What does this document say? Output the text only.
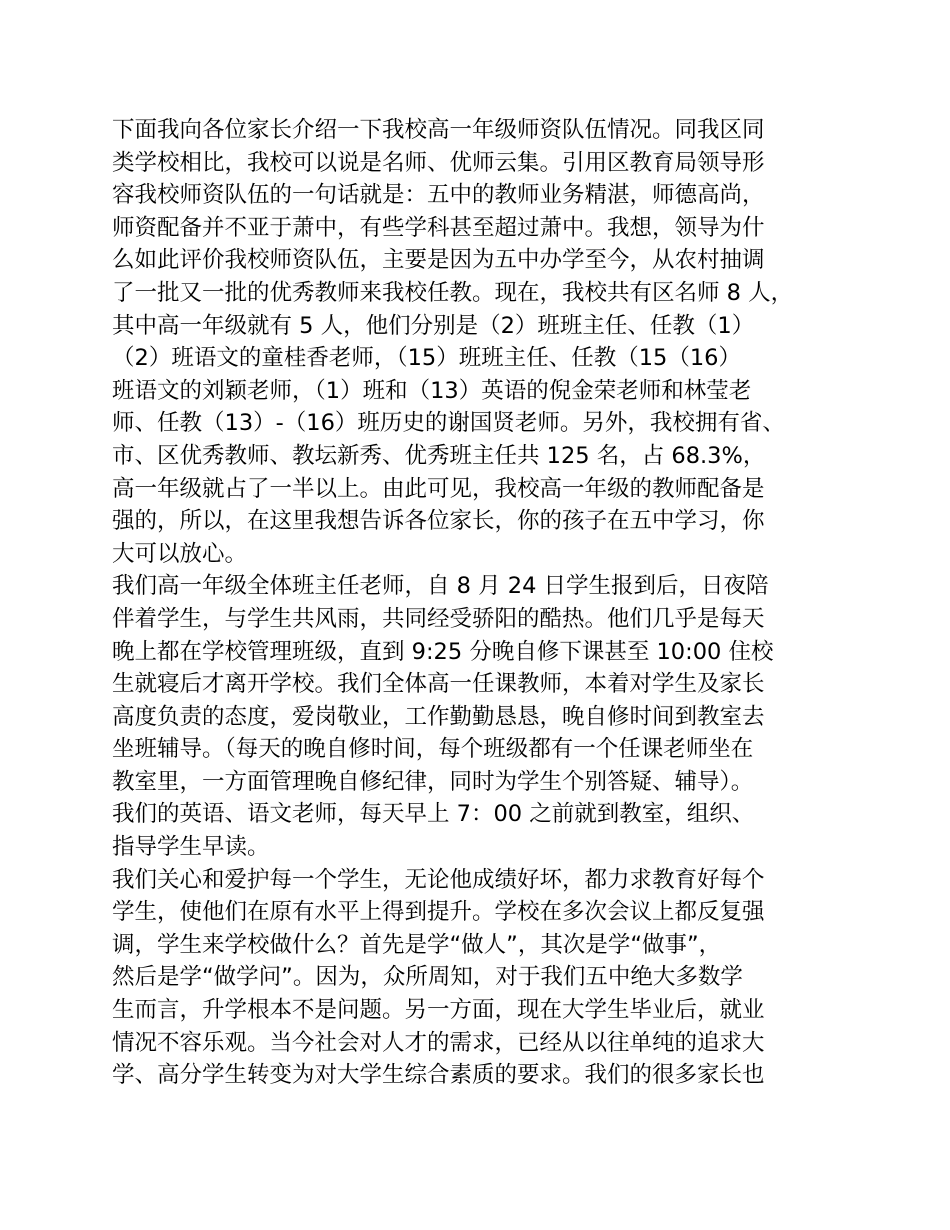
下面我向各位家长介绍一下我校高一年级师资队伍情况。同我区同

类学校相比，我校可以说是名师、优师云集。引用区教育局领导形

容我校师资队伍的一句话就是：五中的教师业务精湛，师德高尚，

师资配备并不亚于萧中，有些学科甚至超过萧中。我想，领导为什

么如此评价我校师资队伍，主要是因为五中办学至今，从农村抽调

了一批又一批的优秀教师来我校任教。现在，我校共有区名师 8 人，

其中高一年级就有 5 人，他们分别是（2）班班主任、任教（1）

（2）班语文的童桂香老师，（15）班班主任、任教（15（16）

班语文的刘颖老师，（1）班和（13）英语的倪金荣老师和林莹老

师、任教（13）-（16）班历史的谢国贤老师。另外，我校拥有省、

市、区优秀教师、教坛新秀、优秀班主任共 125 名，占 68.3%，

高一年级就占了一半以上。由此可见，我校高一年级的教师配备是

强的，所以，在这里我想告诉各位家长，你的孩子在五中学习，你

大可以放心。

我们高一年级全体班主任老师，自 8 月 24 日学生报到后，日夜陪

伴着学生，与学生共风雨，共同经受骄阳的酷热。他们几乎是每天

晚上都在学校管理班级，直到 9:25 分晚自修下课甚至 10:00 住校

生就寝后才离开学校。我们全体高一任课教师，本着对学生及家长

高度负责的态度，爱岗敬业，工作勤勤恳恳，晚自修时间到教室去

坐班辅导。（每天的晚自修时间，每个班级都有一个任课老师坐在

教室里，一方面管理晚自修纪律，同时为学生个别答疑、辅导）。

我们的英语、语文老师，每天早上 7：00 之前就到教室，组织、

指导学生早读。

我们关心和爱护每一个学生，无论他成绩好坏，都力求教育好每个

学生，使他们在原有水平上得到提升。学校在多次会议上都反复强

调，学生来学校做什么？首先是学“做人”，其次是学“做事”，

然后是学“做学问”。因为，众所周知，对于我们五中绝大多数学

生而言，升学根本不是问题。另一方面，现在大学生毕业后，就业

情况不容乐观。当今社会对人才的需求，已经从以往单纯的追求大

学、高分学生转变为对大学生综合素质的要求。我们的很多家长也
